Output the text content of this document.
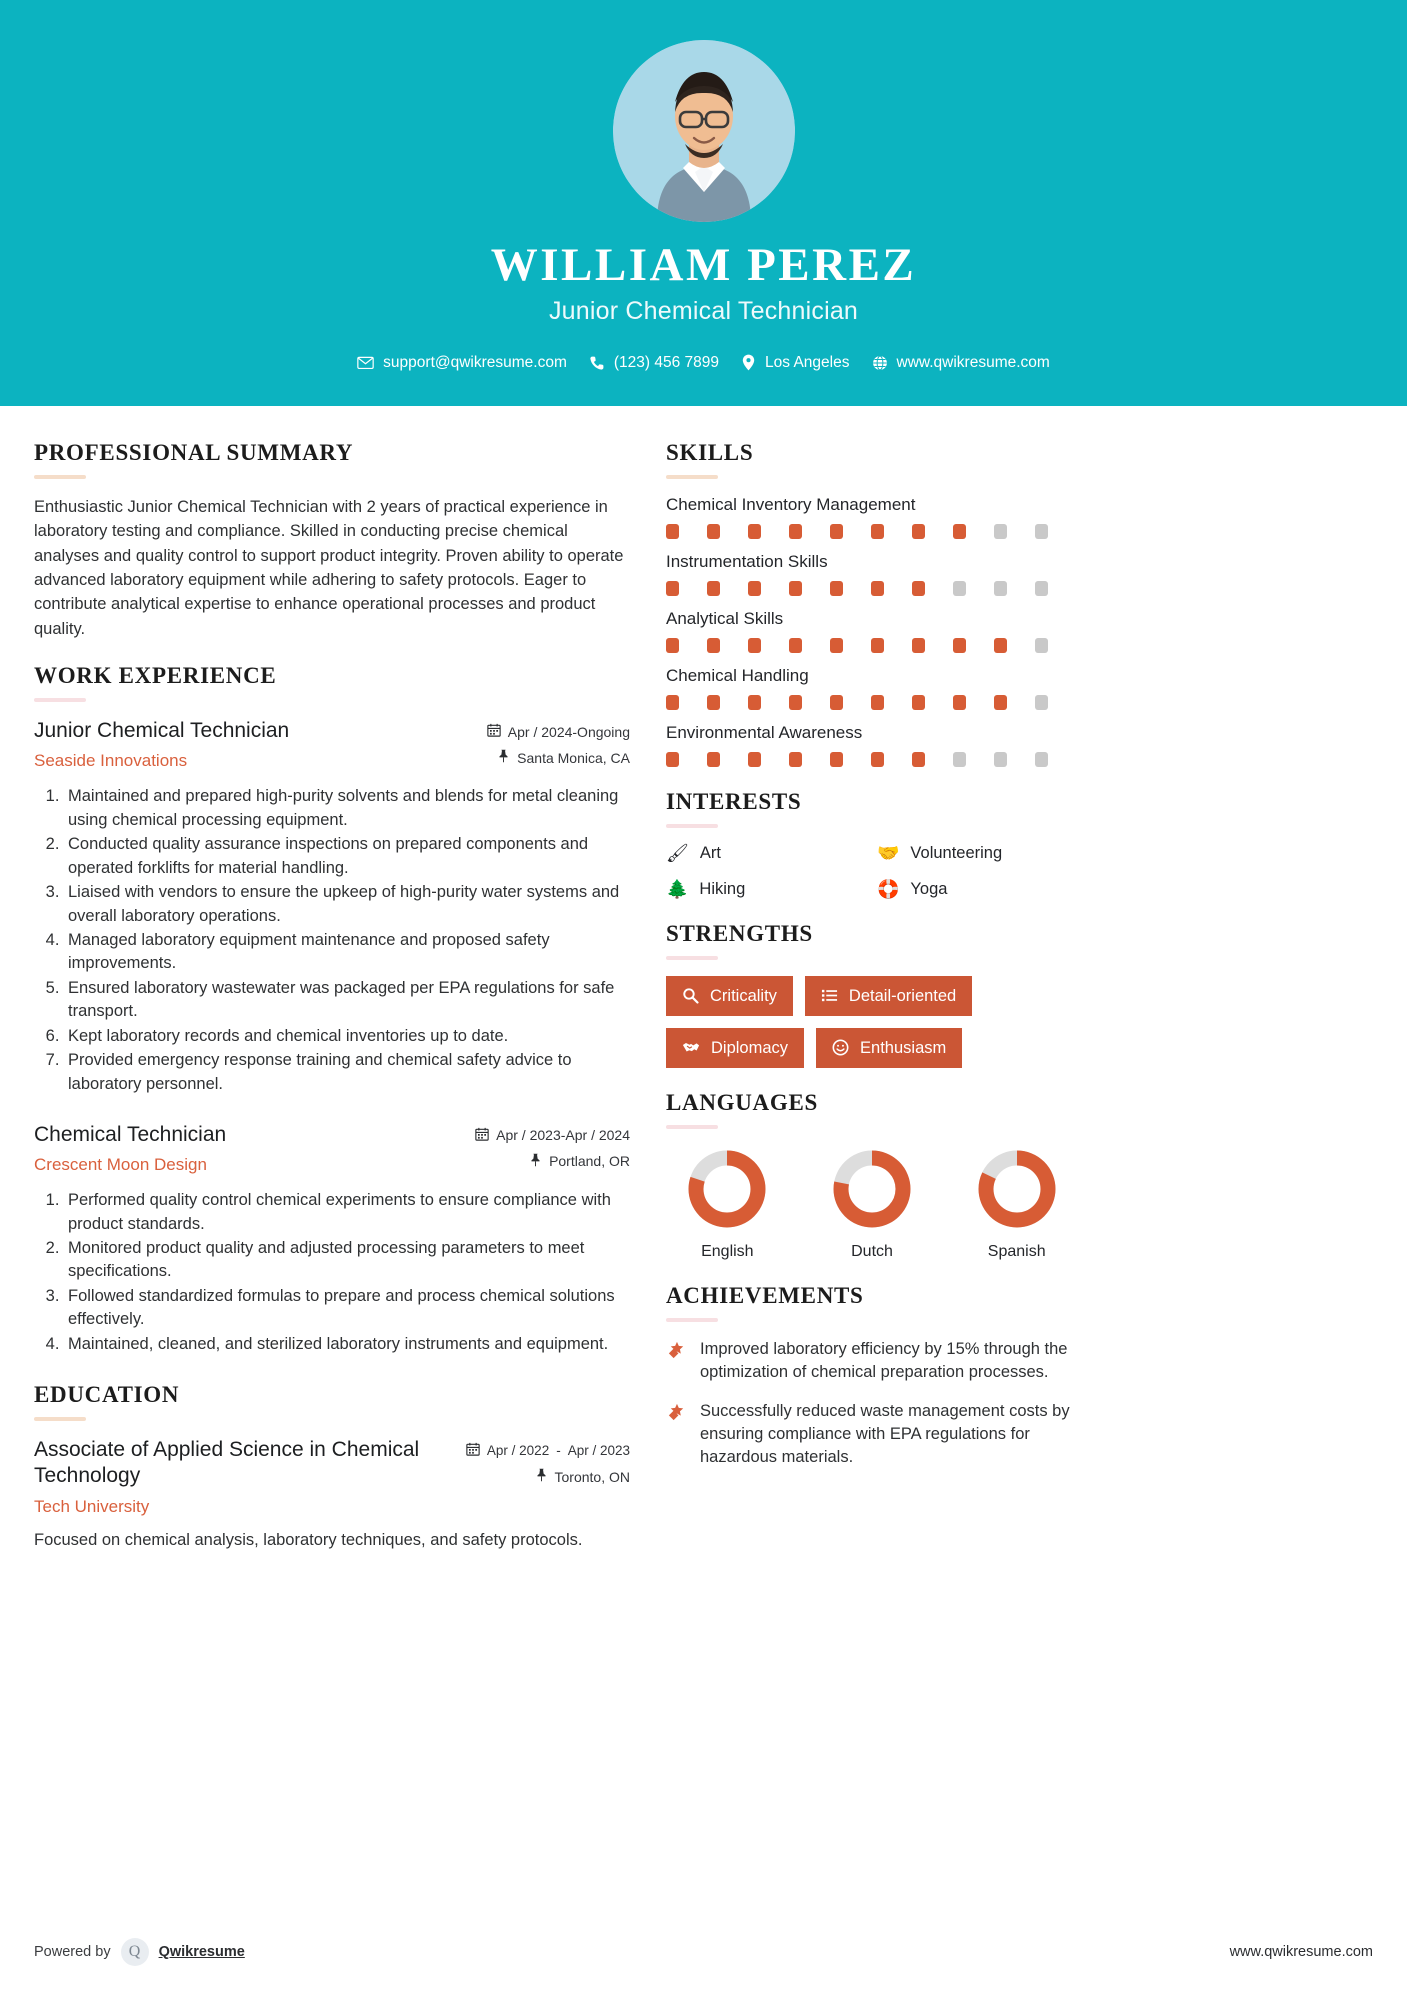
WILLIAM PEREZ
Junior Chemical Technician
support@qwikresume.com	(123) 456 7899	Los Angeles	www.qwikresume.com
PROFESSIONAL SUMMARY
Enthusiastic Junior Chemical Technician with 2 years of practical experience in laboratory testing and compliance. Skilled in conducting precise chemical analyses and quality control to support product integrity. Proven ability to operate advanced laboratory equipment while adhering to safety protocols. Eager to contribute analytical expertise to enhance operational processes and product quality.
WORK EXPERIENCE
Junior Chemical Technician
Seaside Innovations
Apr / 2024-Ongoing
Santa Monica, CA
1. Maintained and prepared high-purity solvents and blends for metal cleaning using chemical processing equipment.
2. Conducted quality assurance inspections on prepared components and operated forklifts for material handling.
3. Liaised with vendors to ensure the upkeep of high-purity water systems and overall laboratory operations.
4. Managed laboratory equipment maintenance and proposed safety improvements.
5. Ensured laboratory wastewater was packaged per EPA regulations for safe transport.
6. Kept laboratory records and chemical inventories up to date.
7. Provided emergency response training and chemical safety advice to laboratory personnel.
Chemical Technician
Crescent Moon Design
Apr / 2023-Apr / 2024
Portland, OR
1. Performed quality control chemical experiments to ensure compliance with product standards.
2. Monitored product quality and adjusted processing parameters to meet specifications.
3. Followed standardized formulas to prepare and process chemical solutions effectively.
4. Maintained, cleaned, and sterilized laboratory instruments and equipment.
EDUCATION
Associate of Applied Science in Chemical Technology
Tech University
Apr / 2022 - Apr / 2023
Toronto, ON
Focused on chemical analysis, laboratory techniques, and safety protocols.
SKILLS
Chemical Inventory Management
Instrumentation Skills
Analytical Skills
Chemical Handling
Environmental Awareness
INTERESTS
🖌 Art	🤝 Volunteering
🌲 Hiking	🛟 Yoga
STRENGTHS
Criticality	Detail-oriented
Diplomacy	Enthusiasm
LANGUAGES
English	Dutch	Spanish
ACHIEVEMENTS
Improved laboratory efficiency by 15% through the optimization of chemical preparation processes.
Successfully reduced waste management costs by ensuring compliance with EPA regulations for hazardous materials.
Powered by	Q	Qwikresume	www.qwikresume.com
